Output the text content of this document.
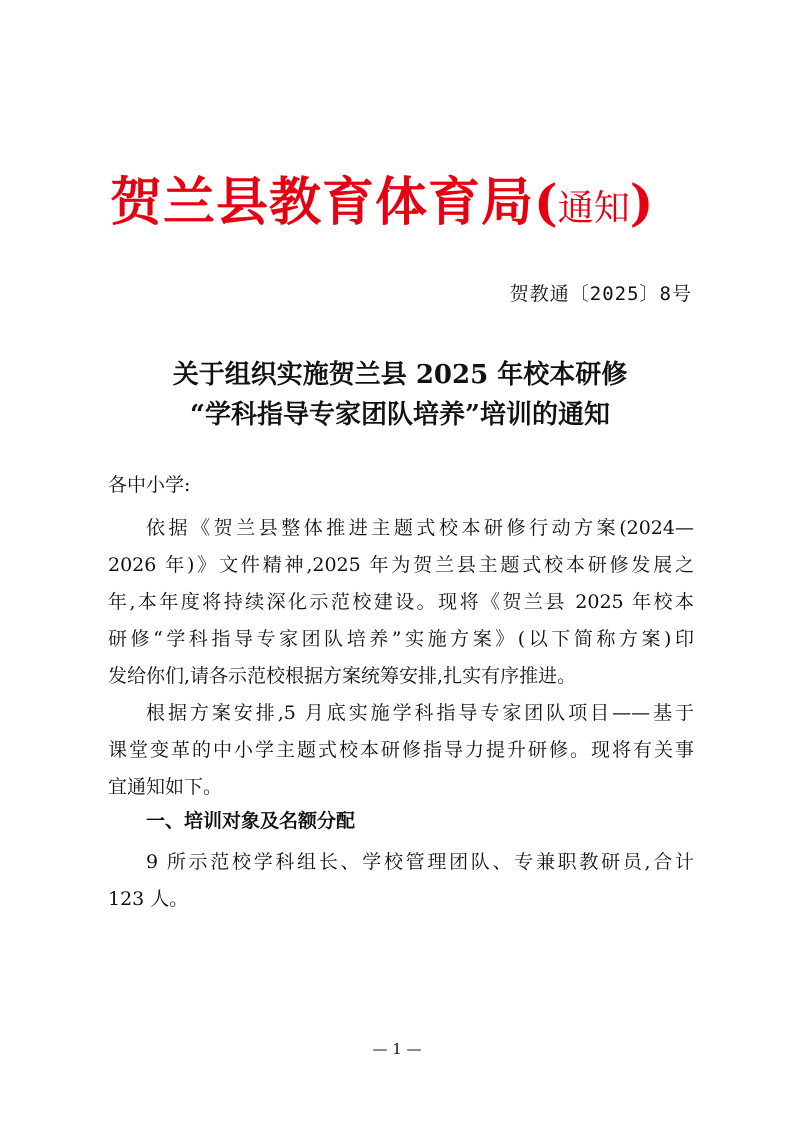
贺兰县教育体育局(通知)
贺教通〔2025〕8号
关于组织实施贺兰县 2025 年校本研修
“学科指导专家团队培养”培训的通知
各中小学:
依据《贺兰县整体推进主题式校本研修行动方案(2024—
2026 年)》文件精神,2025 年为贺兰县主题式校本研修发展之
年,本年度将持续深化示范校建设。现将《贺兰县 2025 年校本
研修“学科指导专家团队培养”实施方案》(以下简称方案)印
发给你们,请各示范校根据方案统筹安排,扎实有序推进。
根据方案安排,5 月底实施学科指导专家团队项目——基于
课堂变革的中小学主题式校本研修指导力提升研修。现将有关事
宜通知如下。
一、培训对象及名额分配
9 所示范校学科组长、学校管理团队、专兼职教研员,合计
123 人。
— 1 —
